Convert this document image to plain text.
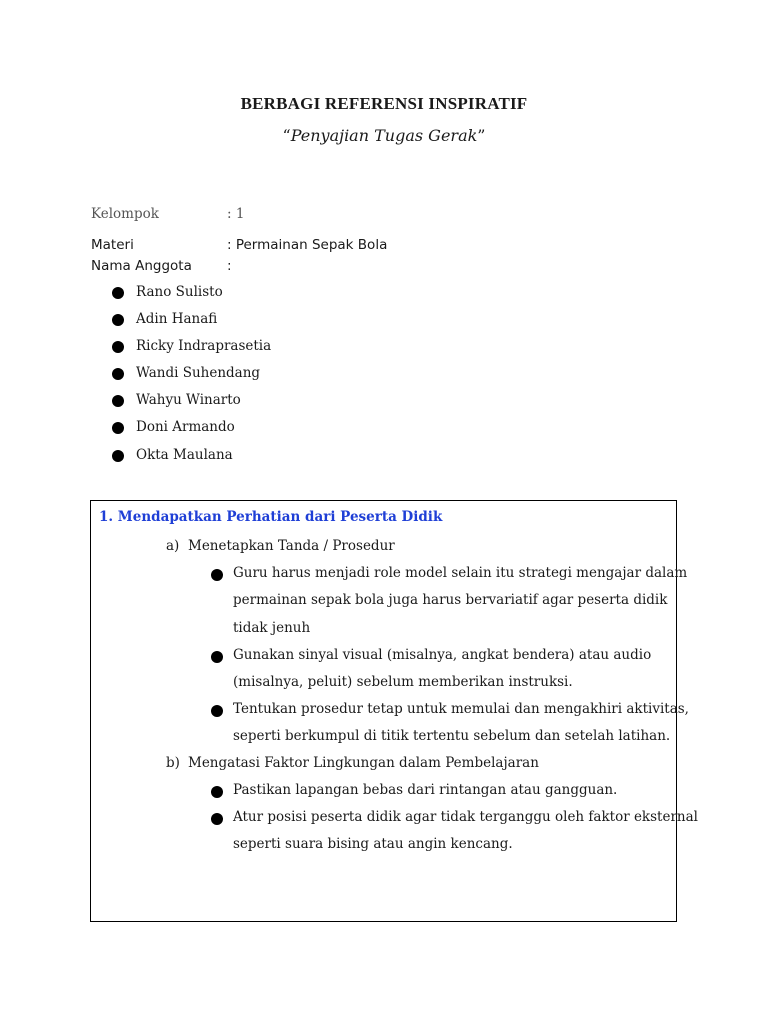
BERBAGI REFERENSI INSPIRATIF
“Penyajian Tugas Gerak”
Kelompok	: 1
Materi	: Permainan Sepak Bola
Nama Anggota	:
Rano Sulisto
Adin Hanafi
Ricky Indraprasetia
Wandi Suhendang
Wahyu Winarto
Doni Armando
Okta Maulana
1. Mendapatkan Perhatian dari Peserta Didik
a) Menetapkan Tanda / Prosedur
Guru harus menjadi role model selain itu strategi mengajar dalam
permainan sepak bola juga harus bervariatif agar peserta didik
tidak jenuh
Gunakan sinyal visual (misalnya, angkat bendera) atau audio
(misalnya, peluit) sebelum memberikan instruksi.
Tentukan prosedur tetap untuk memulai dan mengakhiri aktivitas,
seperti berkumpul di titik tertentu sebelum dan setelah latihan.
b) Mengatasi Faktor Lingkungan dalam Pembelajaran
Pastikan lapangan bebas dari rintangan atau gangguan.
Atur posisi peserta didik agar tidak terganggu oleh faktor eksternal
seperti suara bising atau angin kencang.
